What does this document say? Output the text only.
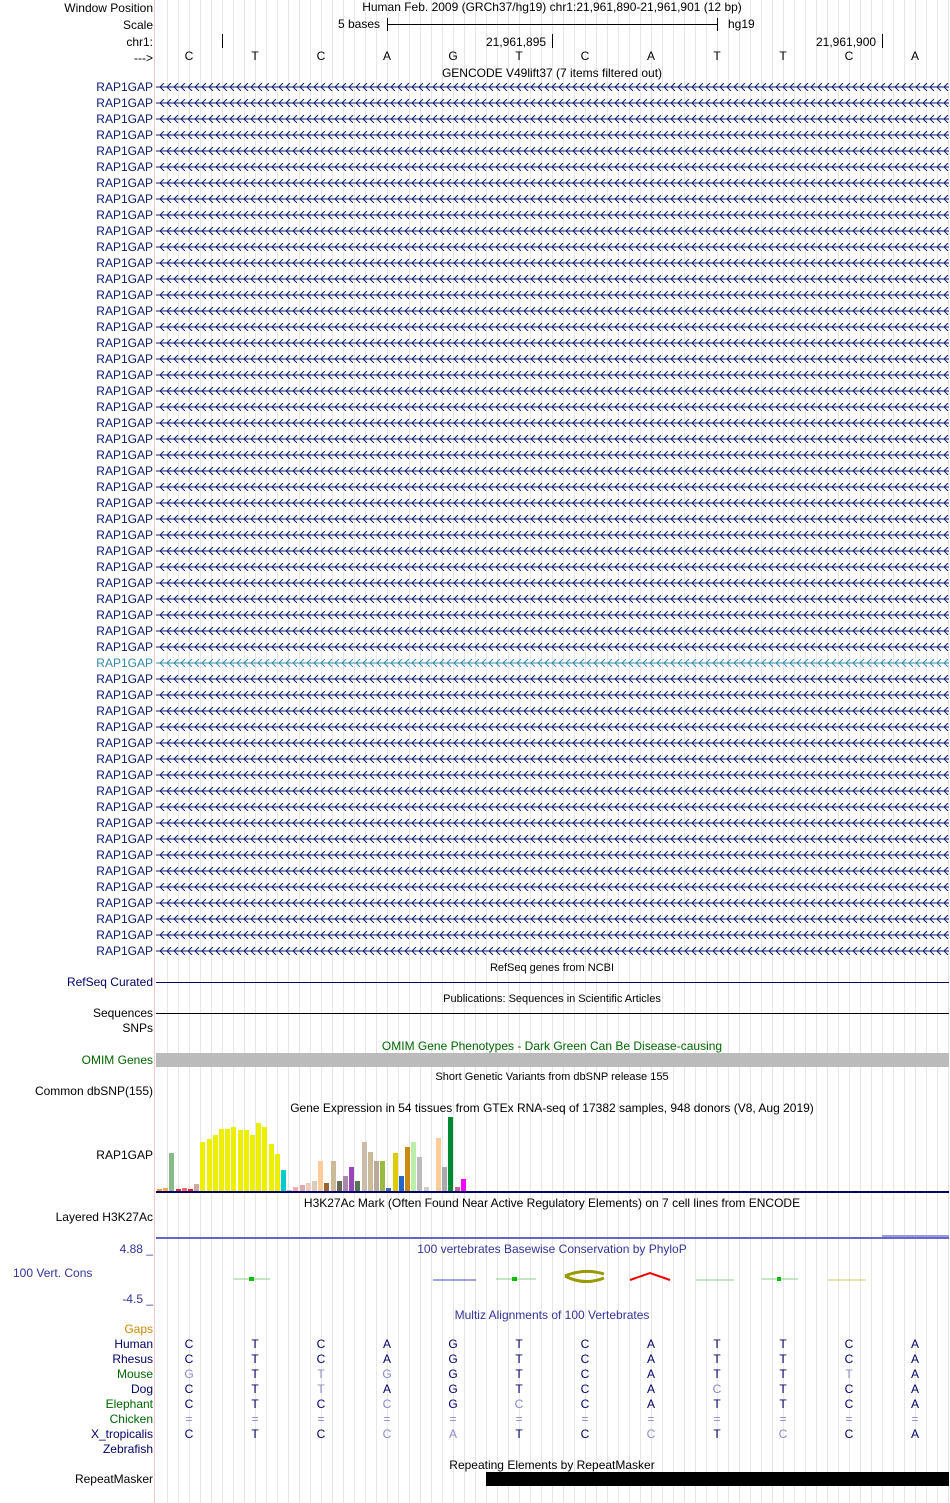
Window Position	Human Feb. 2009 (GRCh37/hg19) chr1:21,961,890-21,961,901 (12 bp)
Scale	5 bases	hg19
chr1:	21,961,895	21,961,900
--->	C	T	C	A	G	T	C	A	T	T	C	A
GENCODE V49lift37 (7 items filtered out)
RAP1GAP
RAP1GAP
RAP1GAP
RAP1GAP
RAP1GAP
RAP1GAP
RAP1GAP
RAP1GAP
RAP1GAP
RAP1GAP
RAP1GAP
RAP1GAP
RAP1GAP
RAP1GAP
RAP1GAP
RAP1GAP
RAP1GAP
RAP1GAP
RAP1GAP
RAP1GAP
RAP1GAP
RAP1GAP
RAP1GAP
RAP1GAP
RAP1GAP
RAP1GAP
RAP1GAP
RAP1GAP
RAP1GAP
RAP1GAP
RAP1GAP
RAP1GAP
RAP1GAP
RAP1GAP
RAP1GAP
RAP1GAP
RAP1GAP
RAP1GAP
RAP1GAP
RAP1GAP
RAP1GAP
RAP1GAP
RAP1GAP
RAP1GAP
RAP1GAP
RAP1GAP
RAP1GAP
RAP1GAP
RAP1GAP
RAP1GAP
RAP1GAP
RAP1GAP
RAP1GAP
RAP1GAP
RAP1GAP
RefSeq genes from NCBI
RefSeq Curated
Publications: Sequences in Scientific Articles
Sequences
SNPs
OMIM Gene Phenotypes - Dark Green Can Be Disease-causing
OMIM Genes
Short Genetic Variants from dbSNP release 155
Common dbSNP(155)
Gene Expression in 54 tissues from GTEx RNA-seq of 17382 samples, 948 donors (V8, Aug 2019)
RAP1GAP
H3K27Ac Mark (Often Found Near Active Regulatory Elements) on 7 cell lines from ENCODE
Layered H3K27Ac
100 vertebrates Basewise Conservation by PhyloP
4.88 _
100 Vert. Cons
-4.5 _
Multiz Alignments of 100 Vertebrates
Gaps
Human	C	T	C	A	G	T	C	A	T	T	C	A
Rhesus	C	T	C	A	G	T	C	A	T	T	C	A
Mouse	G	T	T	G	G	T	C	A	T	T	T	A
Dog	C	T	T	A	G	T	C	A	C	T	C	A
Elephant	C	T	C	C	G	C	C	A	T	T	C	A
Chicken	=	=	=	=	=	=	=	=	=	=	=	=
X_tropicalis	C	T	C	C	A	T	C	C	T	C	C	A
Zebrafish
Repeating Elements by RepeatMasker
RepeatMasker
